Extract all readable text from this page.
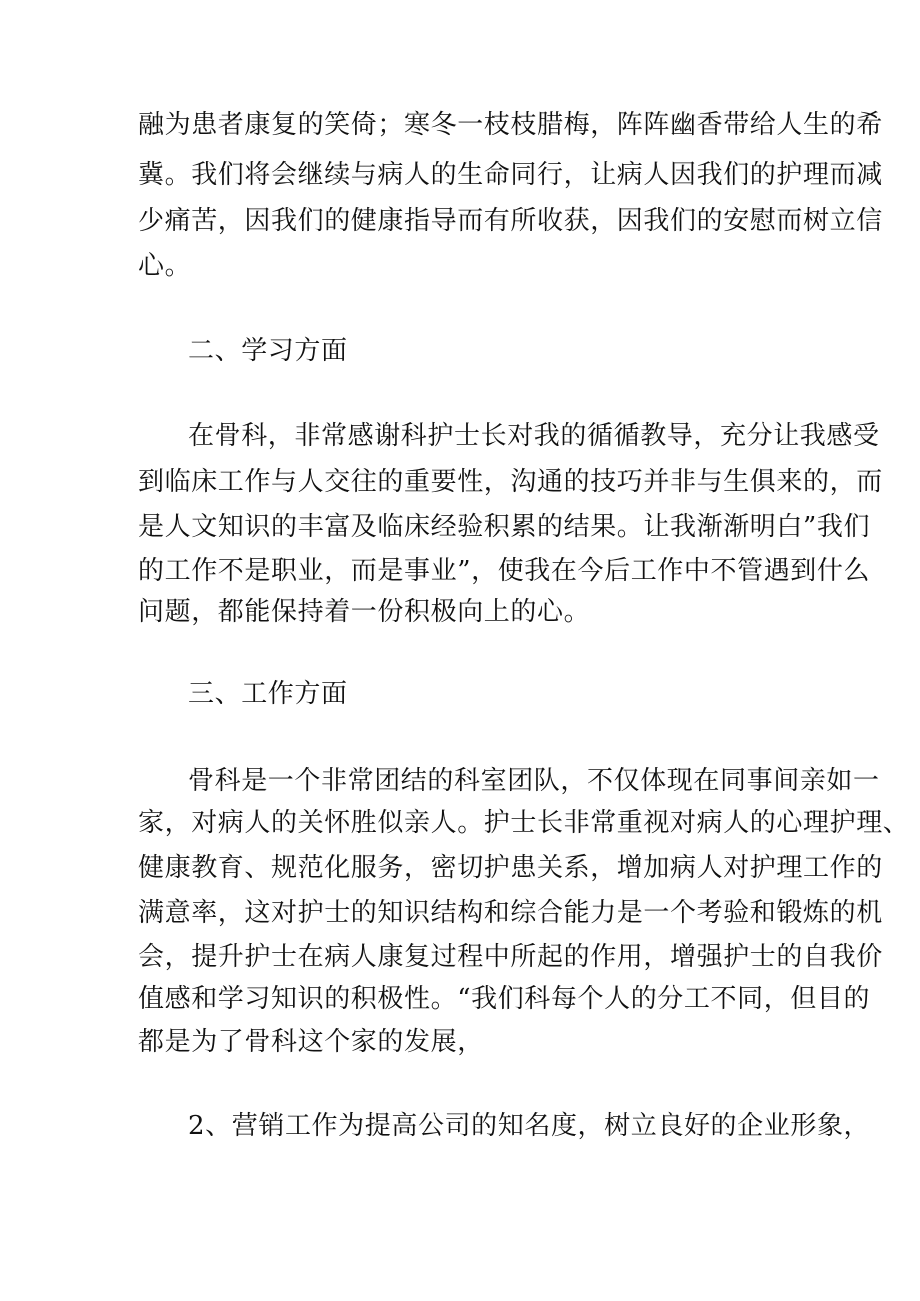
融为患者康复的笑倚；寒冬一枝枝腊梅，阵阵幽香带给人生的希

冀。我们将会继续与病人的生命同行，让病人因我们的护理而减

少痛苦，因我们的健康指导而有所收获，因我们的安慰而树立信

心。

二、学习方面

在骨科，非常感谢科护士长对我的循循教导，充分让我感受

到临床工作与人交往的重要性，沟通的技巧并非与生俱来的，而

是人文知识的丰富及临床经验积累的结果。让我渐渐明白”我们

的工作不是职业，而是事业”，使我在今后工作中不管遇到什么

问题，都能保持着一份积极向上的心。

三、工作方面

骨科是一个非常团结的科室团队，不仅体现在同事间亲如一

家，对病人的关怀胜似亲人。护士长非常重视对病人的心理护理、

健康教育、规范化服务，密切护患关系，增加病人对护理工作的

满意率，这对护士的知识结构和综合能力是一个考验和锻炼的机

会，提升护士在病人康复过程中所起的作用，增强护士的自我价

值感和学习知识的积极性。“我们科每个人的分工不同，但目的

都是为了骨科这个家的发展，

2、营销工作为提高公司的知名度，树立良好的企业形象，
